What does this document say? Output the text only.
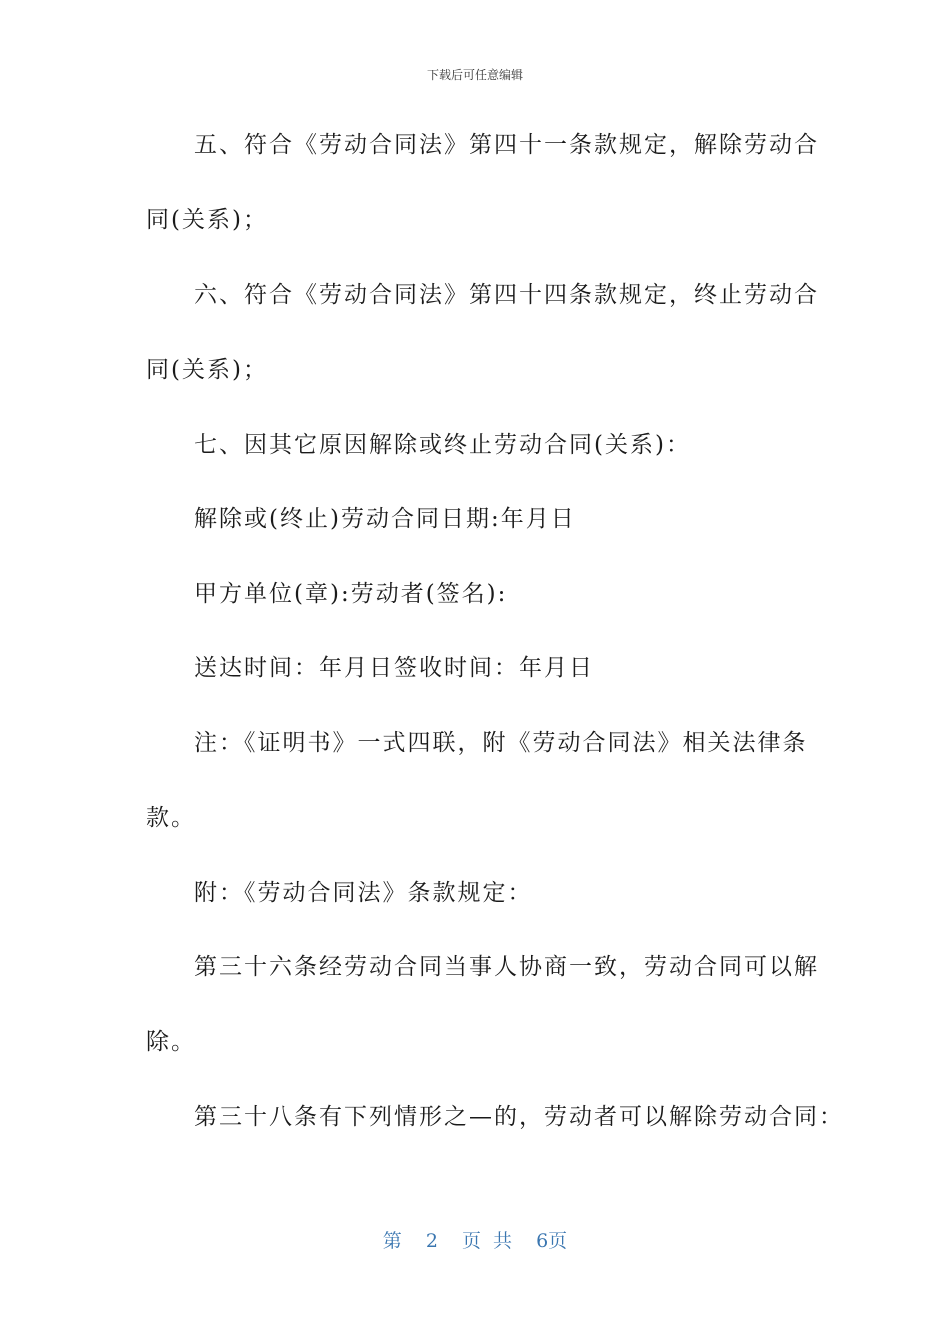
下载后可任意编辑
五、符合《劳动合同法》第四十一条款规定，解除劳动合
同(关系)；
六、符合《劳动合同法》第四十四条款规定，终止劳动合
同(关系)；
七、因其它原因解除或终止劳动合同(关系)：
解除或(终止)劳动合同日期:年月日
甲方单位(章):劳动者(签名):
送达时间：年月日签收时间：年月日
注：《证明书》一式四联，附《劳动合同法》相关法律条
款。
附：《劳动合同法》条款规定：
第三十六条经劳动合同当事人协商一致，劳动合同可以解
除。
第三十八条有下列情形之—的，劳动者可以解除劳动合同：
第 2 页 共 6页
